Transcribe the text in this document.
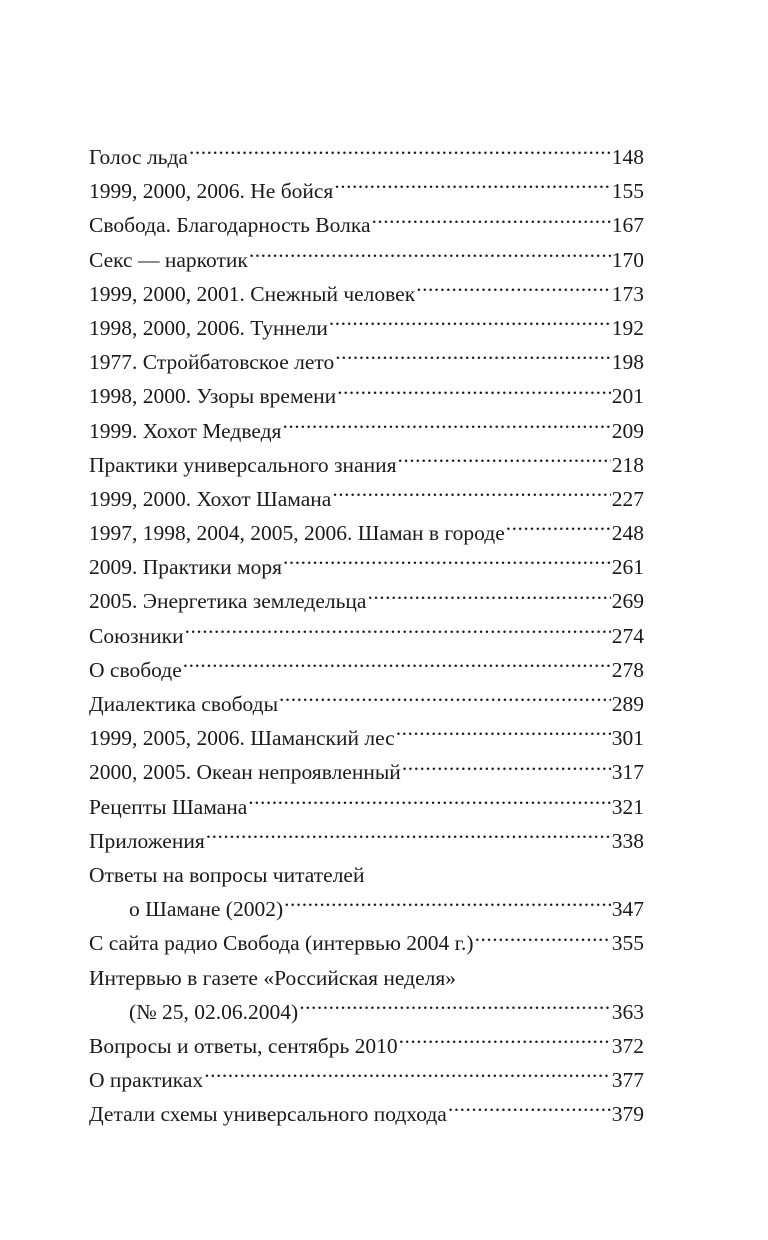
Голос льда .....	148
1999, 2000, 2006. Не бойся .....	155
Свобода. Благодарность Волка .....	167
Секс — наркотик .....	170
1999, 2000, 2001. Снежный человек .....	173
1998, 2000, 2006. Туннели .....	192
1977. Стройбатовское лето .....	198
1998, 2000. Узоры времени .....	201
1999. Хохот Медведя .....	209
Практики универсального знания .....	218
1999, 2000. Хохот Шамана .....	227
1997, 1998, 2004, 2005, 2006. Шаман в городе .....	248
2009. Практики моря .....	261
2005. Энергетика земледельца .....	269
Союзники .....	274
О свободе .....	278
Диалектика свободы .....	289
1999, 2005, 2006. Шаманский лес .....	301
2000, 2005. Океан непроявленный .....	317
Рецепты Шамана .....	321
Приложения .....	338
Ответы на вопросы читателей
о Шамане (2002) .....	347
С сайта радио Свобода (интервью 2004 г.) .....	355
Интервью в газете «Российская неделя»
(№ 25, 02.06.2004) .....	363
Вопросы и ответы, сентябрь 2010 .....	372
О практиках .....	377
Детали схемы универсального подхода .....	379
